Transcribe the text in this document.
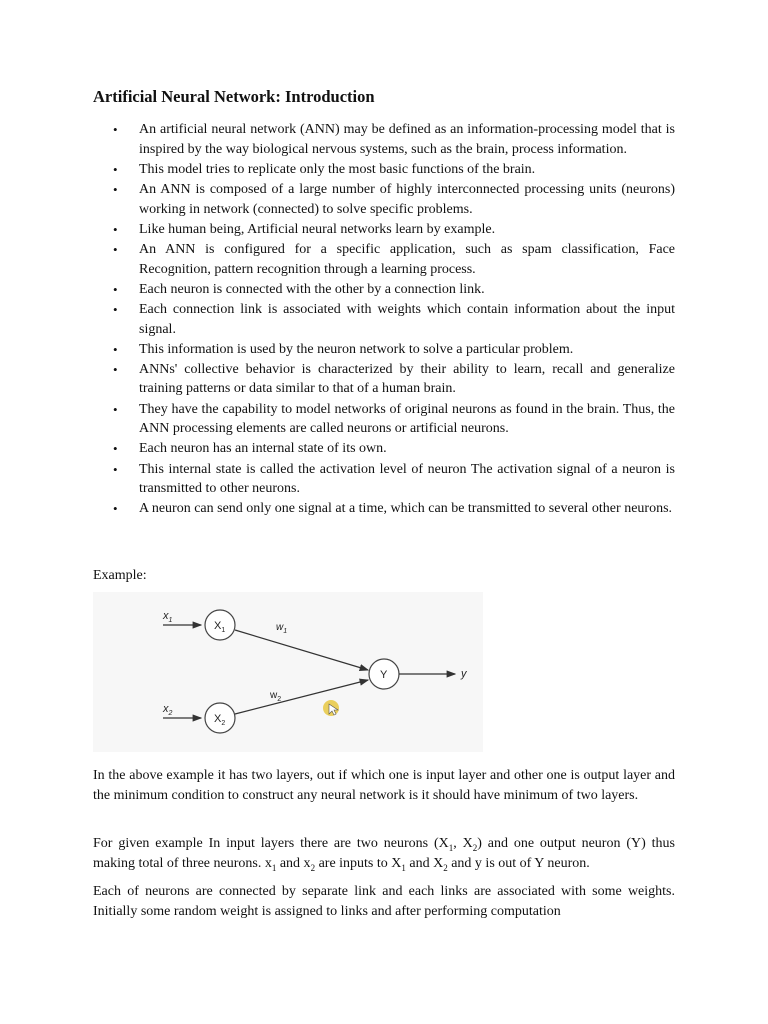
Artificial Neural Network: Introduction
• An artificial neural network (ANN) may be defined as an information-processing model that is inspired by the way biological nervous systems, such as the brain, process information.
• This model tries to replicate only the most basic functions of the brain.
• An ANN is composed of a large number of highly interconnected processing units (neurons) working in network (connected) to solve specific problems.
• Like human being, Artificial neural networks learn by example.
• An ANN is configured for a specific application, such as spam classification, Face Recognition, pattern recognition through a learning process.
• Each neuron is connected with the other by a connection link.
• Each connection link is associated with weights which contain information about the input signal.
• This information is used by the neuron network to solve a particular problem.
• ANNs' collective behavior is characterized by their ability to learn, recall and generalize training patterns or data similar to that of a human brain.
• They have the capability to model networks of original neurons as found in the brain. Thus, the ANN processing elements are called neurons or artificial neurons.
• Each neuron has an internal state of its own.
• This internal state is called the activation level of neuron The activation signal of a neuron is transmitted to other neurons.
• A neuron can send only one signal at a time, which can be transmitted to several other neurons.

Example:

$x_1$
$x_2$
$w_1$
$w_2$
$X_1$
$X_2$
Y	y

In the above example it has two layers, out if which one is input layer and other one is output layer and the minimum condition to construct any neural network is it should have minimum of two layers.

For given example In input layers there are two neurons ($X_1$, $X_2$) and one output neuron (Y) thus making total of three neurons. $x_1$ and $x_2$ are inputs to $X_1$ and $X_2$ and y is out of Y neuron.

Each of neurons are connected by separate link and each links are associated with some weights. Initially some random weight is assigned to links and after performing computation
